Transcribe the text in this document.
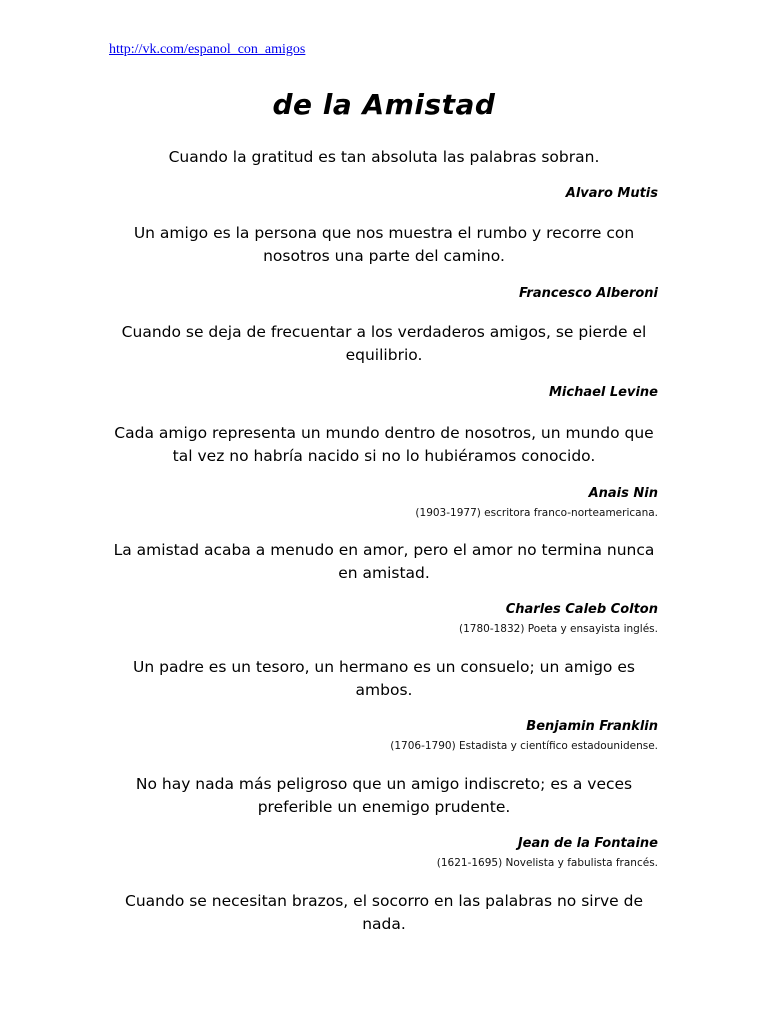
http://vk.com/espanol_con_amigos
de la Amistad
Cuando la gratitud es tan absoluta las palabras sobran.
Alvaro Mutis
Un amigo es la persona que nos muestra el rumbo y recorre con nosotros una parte del camino.
Francesco Alberoni
Cuando se deja de frecuentar a los verdaderos amigos, se pierde el equilibrio.
Michael Levine
Cada amigo representa un mundo dentro de nosotros, un mundo que tal vez no habría nacido si no lo hubiéramos conocido.
Anais Nin
(1903-1977) escritora franco-norteamericana.
La amistad acaba a menudo en amor, pero el amor no termina nunca en amistad.
Charles Caleb Colton
(1780-1832) Poeta y ensayista inglés.
Un padre es un tesoro, un hermano es un consuelo; un amigo es ambos.
Benjamin Franklin
(1706-1790) Estadista y científico estadounidense.
No hay nada más peligroso que un amigo indiscreto; es a veces preferible un enemigo prudente.
Jean de la Fontaine
(1621-1695) Novelista y fabulista francés.
Cuando se necesitan brazos, el socorro en las palabras no sirve de nada.
